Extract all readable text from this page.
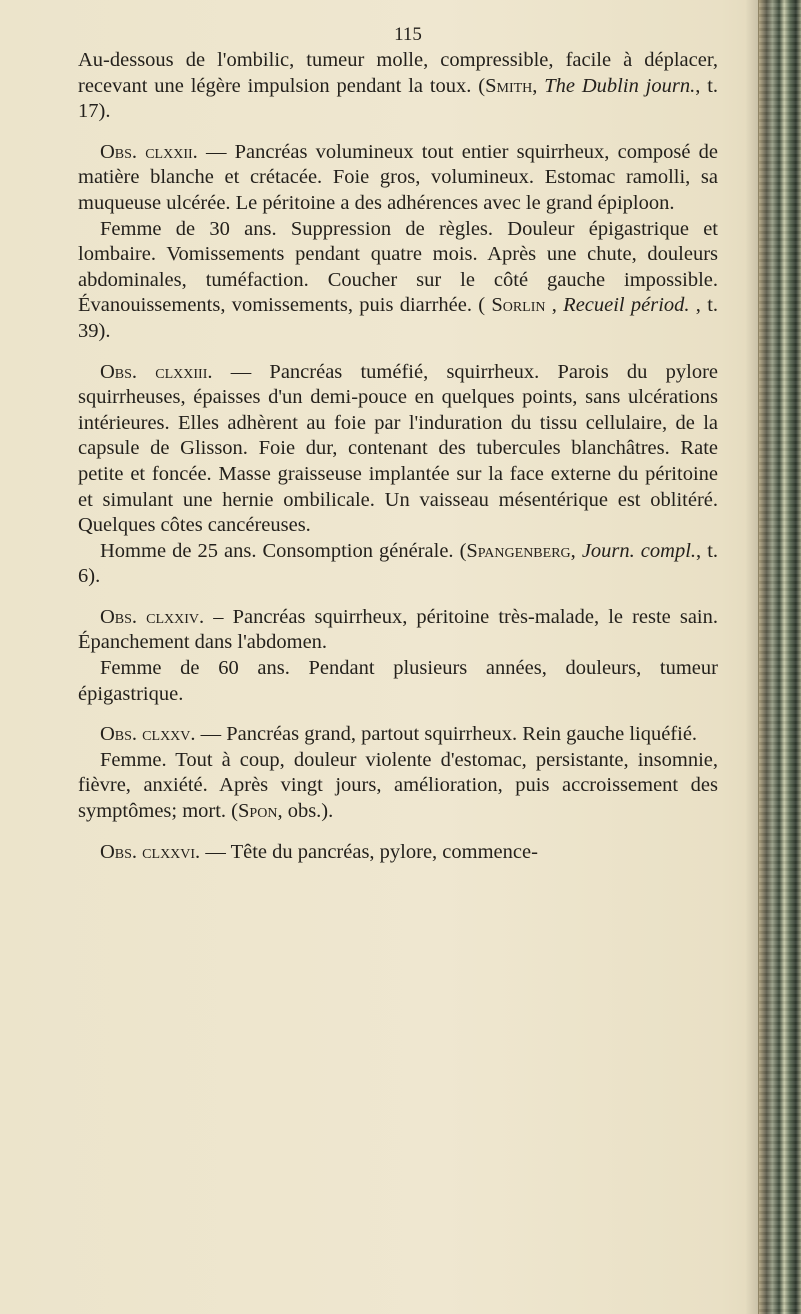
115

Au-dessous de l'ombilic, tumeur molle, compressible, facile à déplacer, recevant une légère impulsion pendant la toux. (Smith, The Dublin journ., t. 17).

Obs. clxxii. — Pancréas volumineux tout entier squirrheux, composé de matière blanche et crétacée. Foie gros, volumineux. Estomac ramolli, sa muqueuse ulcérée. Le péritoine a des adhérences avec le grand épiploon.

Femme de 30 ans. Suppression de règles. Douleur épigastrique et lombaire. Vomissements pendant quatre mois. Après une chute, douleurs abdominales, tuméfaction. Coucher sur le côté gauche impossible. Évanouissements, vomissements, puis diarrhée. ( Sorlin , Recueil périod. , t. 39).

Obs. clxxiii. — Pancréas tuméfié, squirrheux. Parois du pylore squirrheuses, épaisses d'un demi-pouce en quelques points, sans ulcérations intérieures. Elles adhèrent au foie par l'induration du tissu cellulaire, de la capsule de Glisson. Foie dur, contenant des tubercules blanchâtres. Rate petite et foncée. Masse graisseuse implantée sur la face externe du péritoine et simulant une hernie ombilicale. Un vaisseau mésentérique est oblitéré. Quelques côtes cancéreuses.

Homme de 25 ans. Consomption générale. (Spangenberg, Journ. compl., t. 6).

Obs. clxxiv. – Pancréas squirrheux, péritoine très-malade, le reste sain. Épanchement dans l'abdomen.

Femme de 60 ans. Pendant plusieurs années, douleurs, tumeur épigastrique.

Obs. clxxv. — Pancréas grand, partout squirrheux. Rein gauche liquéfié.

Femme. Tout à coup, douleur violente d'estomac, persistante, insomnie, fièvre, anxiété. Après vingt jours, amélioration, puis accroissement des symptômes; mort. (Spon, obs.).

Obs. clxxvi. — Tête du pancréas, pylore, commence-
